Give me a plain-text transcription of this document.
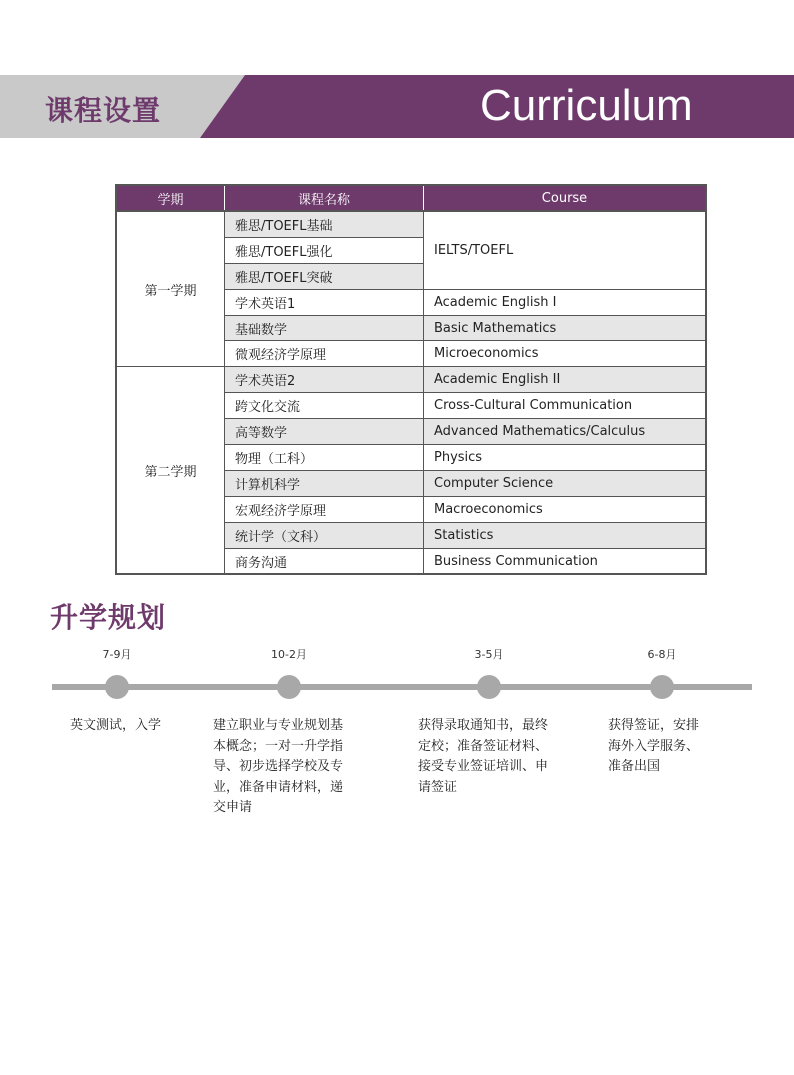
课程设置	Curriculum
学期	课程名称	Course
第一学期	雅思/TOEFL基础	IELTS/TOEFL
	雅思/TOEFL强化	
	雅思/TOEFL突破	
	学术英语1	Academic English I
	基础数学	Basic Mathematics
	微观经济学原理	Microeconomics
第二学期	学术英语2	Academic English II
	跨文化交流	Cross-Cultural Communication
	高等数学	Advanced Mathematics/Calculus
	物理（工科）	Physics
	计算机科学	Computer Science
	宏观经济学原理	Macroeconomics
	统计学（文科）	Statistics
	商务沟通	Business Communication
升学规划
7-9月	10-2月	3-5月	6-8月
英文测试，入学	建立职业与专业规划基
本概念；一对一升学指
导、初步选择学校及专
业，准备申请材料，递
交申请
获得录取通知书，最终
定校；准备签证材料、
接受专业签证培训、申
请签证
获得签证，安排
海外入学服务、
准备出国
